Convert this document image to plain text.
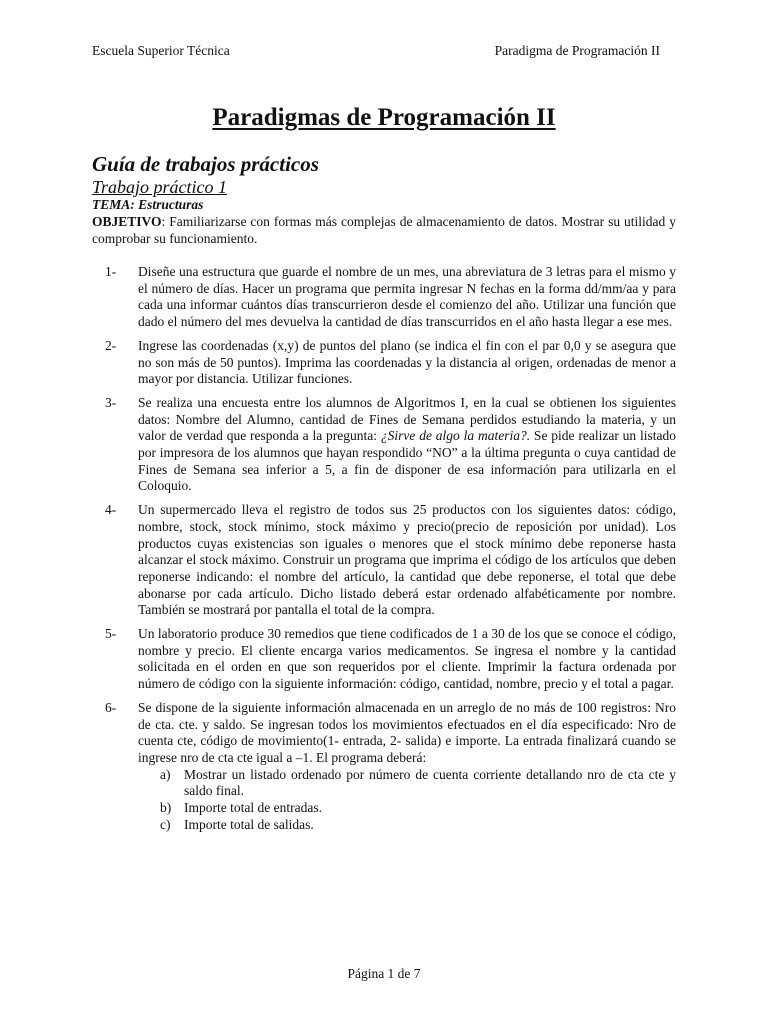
Escuela Superior Técnica	Paradigma de Programación II
Paradigmas de Programación II
Guía de trabajos prácticos
Trabajo práctico 1
TEMA: Estructuras
OBJETIVO: Familiarizarse con formas más complejas de almacenamiento de datos. Mostrar su utilidad y comprobar su funcionamiento.
1- Diseñe una estructura que guarde el nombre de un mes, una abreviatura de 3 letras para el mismo y el número de días. Hacer un programa que permita ingresar N fechas en la forma dd/mm/aa y para cada una informar cuántos días transcurrieron desde el comienzo del año. Utilizar una función que dado el número del mes devuelva la cantidad de días transcurridos en el año hasta llegar a ese mes.
2- Ingrese las coordenadas (x,y) de puntos del plano (se indica el fin con el par 0,0 y se asegura que no son más de 50 puntos). Imprima las coordenadas y la distancia al origen, ordenadas de menor a mayor por distancia. Utilizar funciones.
3- Se realiza una encuesta entre los alumnos de Algoritmos I, en la cual se obtienen los siguientes datos: Nombre del Alumno, cantidad de Fines de Semana perdidos estudiando la materia, y un valor de verdad que responda a la pregunta: ¿Sirve de algo la materia?. Se pide realizar un listado por impresora de los alumnos que hayan respondido “NO” a la última pregunta o cuya cantidad de Fines de Semana sea inferior a 5, a fin de disponer de esa información para utilizarla en el Coloquio.
4- Un supermercado lleva el registro de todos sus 25 productos con los siguientes datos: código, nombre, stock, stock mínimo, stock máximo y precio(precio de reposición por unidad). Los productos cuyas existencias son iguales o menores que el stock mínimo debe reponerse hasta alcanzar el stock máximo. Construir un programa que imprima el código de los artículos que deben reponerse indicando: el nombre del artículo, la cantidad que debe reponerse, el total que debe abonarse por cada artículo. Dicho listado deberá estar ordenado alfabéticamente por nombre. También se mostrará por pantalla el total de la compra.
5- Un laboratorio produce 30 remedios que tiene codificados de 1 a 30 de los que se conoce el código, nombre y precio. El cliente encarga varios medicamentos. Se ingresa el nombre y la cantidad solicitada en el orden en que son requeridos por el cliente. Imprimir la factura ordenada por número de código con la siguiente información: código, cantidad, nombre, precio y el total a pagar.
6- Se dispone de la siguiente información almacenada en un arreglo de no más de 100 registros: Nro de cta. cte. y saldo. Se ingresan todos los movimientos efectuados en el día especificado: Nro de cuenta cte, código de movimiento(1- entrada, 2- salida) e importe. La entrada finalizará cuando se ingrese nro de cta cte igual a –1. El programa deberá:
a) Mostrar un listado ordenado por número de cuenta corriente detallando nro de cta cte y saldo final.
b) Importe total de entradas.
c) Importe total de salidas.
Página 1 de 7
